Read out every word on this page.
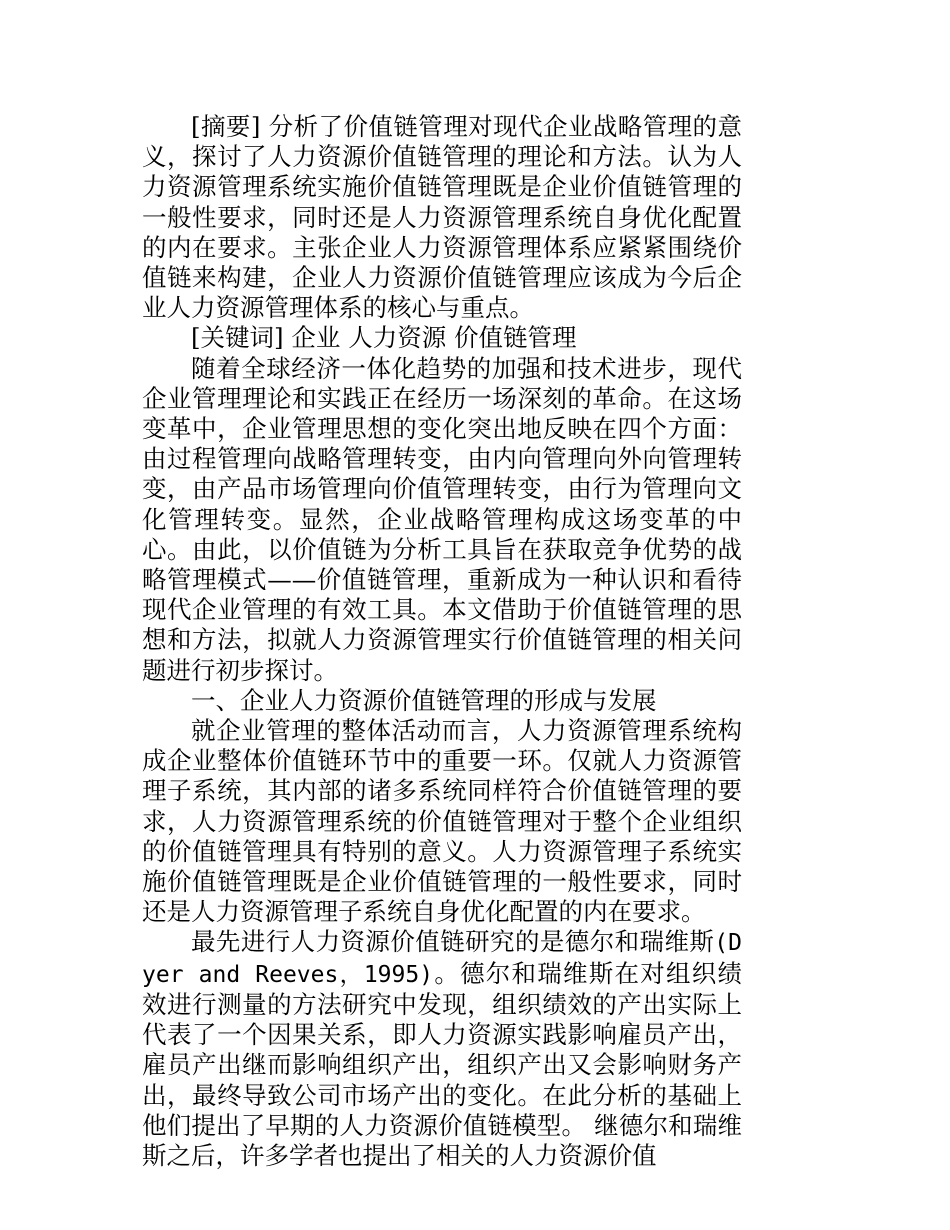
[摘要] 分析了价值链管理对现代企业战略管理的意义，探讨了人力资源价值链管理的理论和方法。认为人力资源管理系统实施价值链管理既是企业价值链管理的一般性要求，同时还是人力资源管理系统自身优化配置的内在要求。主张企业人力资源管理体系应紧紧围绕价值链来构建，企业人力资源价值链管理应该成为今后企业人力资源管理体系的核心与重点。

[关键词] 企业 人力资源 价值链管理

随着全球经济一体化趋势的加强和技术进步，现代企业管理理论和实践正在经历一场深刻的革命。在这场变革中，企业管理思想的变化突出地反映在四个方面：由过程管理向战略管理转变，由内向管理向外向管理转变，由产品市场管理向价值管理转变，由行为管理向文化管理转变。显然，企业战略管理构成这场变革的中心。由此，以价值链为分析工具旨在获取竞争优势的战略管理模式——价值链管理，重新成为一种认识和看待现代企业管理的有效工具。本文借助于价值链管理的思想和方法，拟就人力资源管理实行价值链管理的相关问题进行初步探讨。

一、企业人力资源价值链管理的形成与发展

就企业管理的整体活动而言，人力资源管理系统构成企业整体价值链环节中的重要一环。仅就人力资源管理子系统，其内部的诸多系统同样符合价值链管理的要求，人力资源管理系统的价值链管理对于整个企业组织的价值链管理具有特别的意义。人力资源管理子系统实施价值链管理既是企业价值链管理的一般性要求，同时还是人力资源管理子系统自身优化配置的内在要求。

最先进行人力资源价值链研究的是德尔和瑞维斯(Dyer and Reeves，1995)。德尔和瑞维斯在对组织绩效进行测量的方法研究中发现，组织绩效的产出实际上代表了一个因果关系，即人力资源实践影响雇员产出，雇员产出继而影响组织产出，组织产出又会影响财务产出，最终导致公司市场产出的变化。在此分析的基础上他们提出了早期的人力资源价值链模型。 继德尔和瑞维斯之后，许多学者也提出了相关的人力资源价值
